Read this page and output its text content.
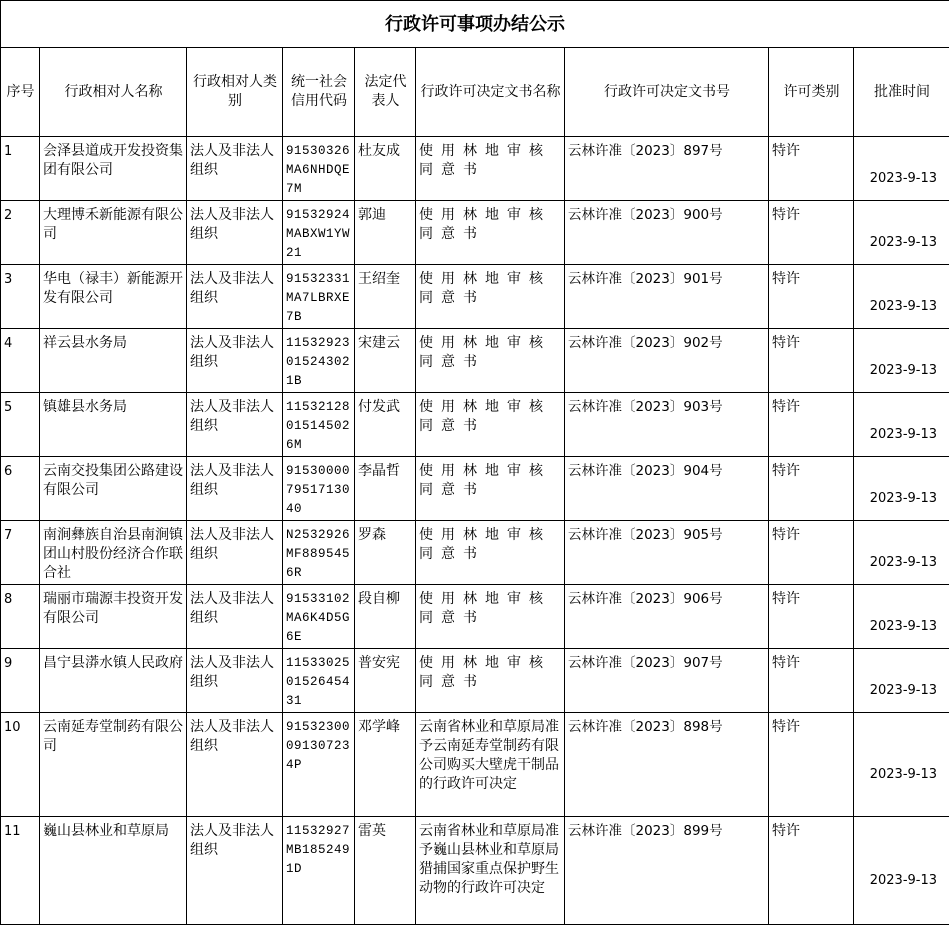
行政许可事项办结公示								

序号	行政相对人名称	行政相对人类别	统一社会信用代码	法定代表人	行政许可决定文书名称	行政许可决定文书号	许可类别	批准时间

1	会泽县道成开发投资集团有限公司	法人及非法人组织	91530326MA6NHDQE7M	杜友成	使用林地审核同意书	云林许准〔2023〕897号	特许	2023-9-13

2	大理博禾新能源有限公司	法人及非法人组织	91532924MABXW1YW21	郭迪	使用林地审核同意书	云林许准〔2023〕900号	特许	2023-9-13

3	华电（禄丰）新能源开发有限公司	法人及非法人组织	91532331MA7LBRXE7B	王绍奎	使用林地审核同意书	云林许准〔2023〕901号	特许	2023-9-13

4	祥云县水务局	法人及非法人组织	11532923015243021B	宋建云	使用林地审核同意书	云林许准〔2023〕902号	特许	2023-9-13

5	镇雄县水务局	法人及非法人组织	11532128015145026M	付发武	使用林地审核同意书	云林许准〔2023〕903号	特许	2023-9-13

6	云南交投集团公路建设有限公司	法人及非法人组织	915300007951713040	李晶哲	使用林地审核同意书	云林许准〔2023〕904号	特许	2023-9-13

7	南涧彝族自治县南涧镇团山村股份经济合作联合社	法人及非法人组织	N2532926MF8895456R	罗森	使用林地审核同意书	云林许准〔2023〕905号	特许	2023-9-13

8	瑞丽市瑞源丰投资开发有限公司	法人及非法人组织	91533102MA6K4D5G6E	段自柳	使用林地审核同意书	云林许准〔2023〕906号	特许	2023-9-13

9	昌宁县漭水镇人民政府	法人及非法人组织	115330250152645431	普安宪	使用林地审核同意书	云林许准〔2023〕907号	特许	2023-9-13

10	云南延寿堂制药有限公司	法人及非法人组织	91532300091307234P	邓学峰	云南省林业和草原局准予云南延寿堂制药有限公司购买大壁虎干制品的行政许可决定	云林许准〔2023〕898号	特许	2023-9-13

11	巍山县林业和草原局	法人及非法人组织	11532927MB1852491D	雷英	云南省林业和草原局准予巍山县林业和草原局猎捕国家重点保护野生动物的行政许可决定	云林许准〔2023〕899号	特许	2023-9-13
